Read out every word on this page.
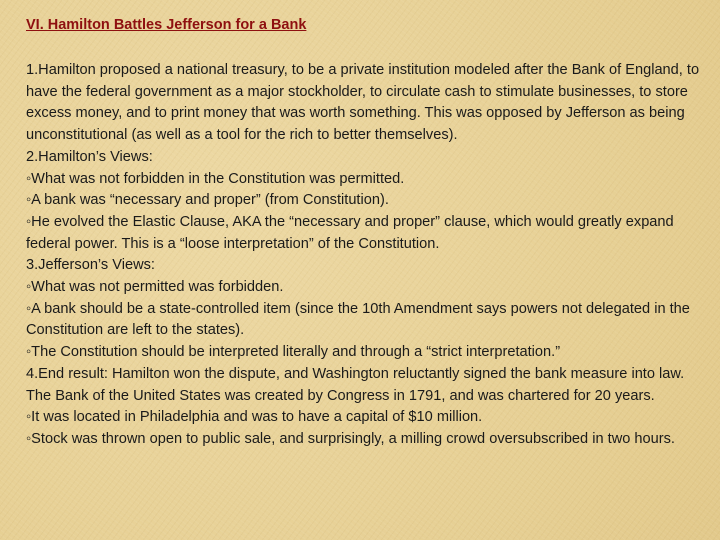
VI. Hamilton Battles Jefferson for a Bank
1.Hamilton proposed a national treasury, to be a private institution modeled after the Bank of England, to have the federal government as a major stockholder, to circulate cash to stimulate businesses, to store excess money, and to print money that was worth something. This was opposed by Jefferson as being unconstitutional (as well as a tool for the rich to better themselves).
2.Hamilton’s Views:
◦What was not forbidden in the Constitution was permitted.
◦A bank was “necessary and proper” (from Constitution).
◦He evolved the Elastic Clause, AKA the “necessary and proper” clause, which would greatly expand federal power. This is a “loose interpretation” of the Constitution.
3.Jefferson’s Views:
◦What was not permitted was forbidden.
◦A bank should be a state-controlled item (since the 10th Amendment says powers not delegated in the Constitution are left to the states).
◦The Constitution should be interpreted literally and through a “strict interpretation.”
4.End result: Hamilton won the dispute, and Washington reluctantly signed the bank measure into law. The Bank of the United States was created by Congress in 1791, and was chartered for 20 years.
◦It was located in Philadelphia and was to have a capital of $10 million.
◦Stock was thrown open to public sale, and surprisingly, a milling crowd oversubscribed in two hours.
